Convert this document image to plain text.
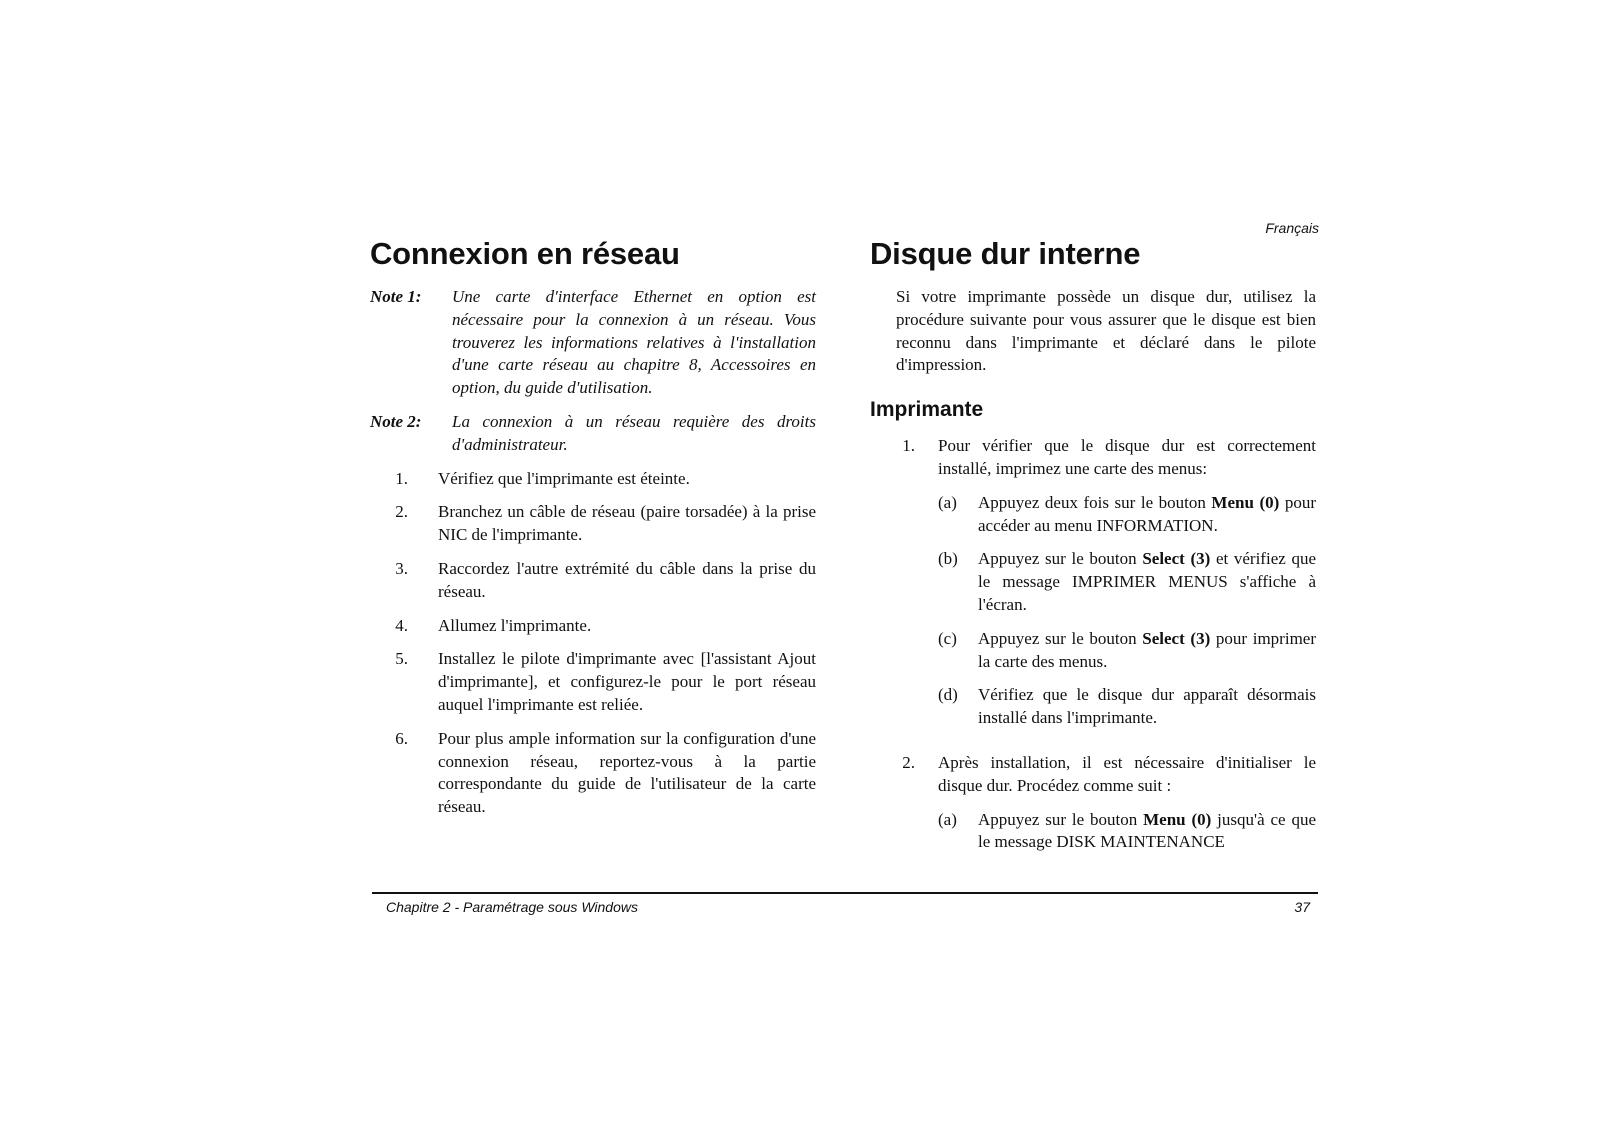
Français
Connexion en réseau
Note 1:	Une carte d'interface Ethernet en option est nécessaire pour la connexion à un réseau. Vous trouverez les informations relatives à l'installation d'une carte réseau au chapitre 8, Accessoires en option, du guide d'utilisation.
Note 2:	La connexion à un réseau requière des droits d'administrateur.
1.	Vérifiez que l'imprimante est éteinte.
2.	Branchez un câble de réseau (paire torsadée) à la prise NIC de l'imprimante.
3.	Raccordez l'autre extrémité du câble dans la prise du réseau.
4.	Allumez l'imprimante.
5.	Installez le pilote d'imprimante avec [l'assistant Ajout d'imprimante], et configurez-le pour le port réseau auquel l'imprimante est reliée.
6.	Pour plus ample information sur la configuration d'une connexion réseau, reportez-vous à la partie correspondante du guide de l'utilisateur de la carte réseau.
Disque dur interne

Si votre imprimante possède un disque dur, utilisez la procédure suivante pour vous assurer que le disque est bien reconnu dans l'imprimante et déclaré dans le pilote d'impression.

Imprimante
1.	Pour vérifier que le disque dur est correctement installé, imprimez une carte des menus:
(a)	Appuyez deux fois sur le bouton Menu (0) pour accéder au menu INFORMATION.
(b)	Appuyez sur le bouton Select (3) et vérifiez que le message IMPRIMER MENUS s'affiche à l'écran.
(c)	Appuyez sur le bouton Select (3) pour imprimer la carte des menus.
(d)	Vérifiez que le disque dur apparaît désormais installé dans l'imprimante.
2.	Après installation, il est nécessaire d'initialiser le disque dur. Procédez comme suit :
(a)	Appuyez sur le bouton Menu (0) jusqu'à ce que le message DISK MAINTENANCE
Chapitre 2 - Paramétrage sous Windows	37
